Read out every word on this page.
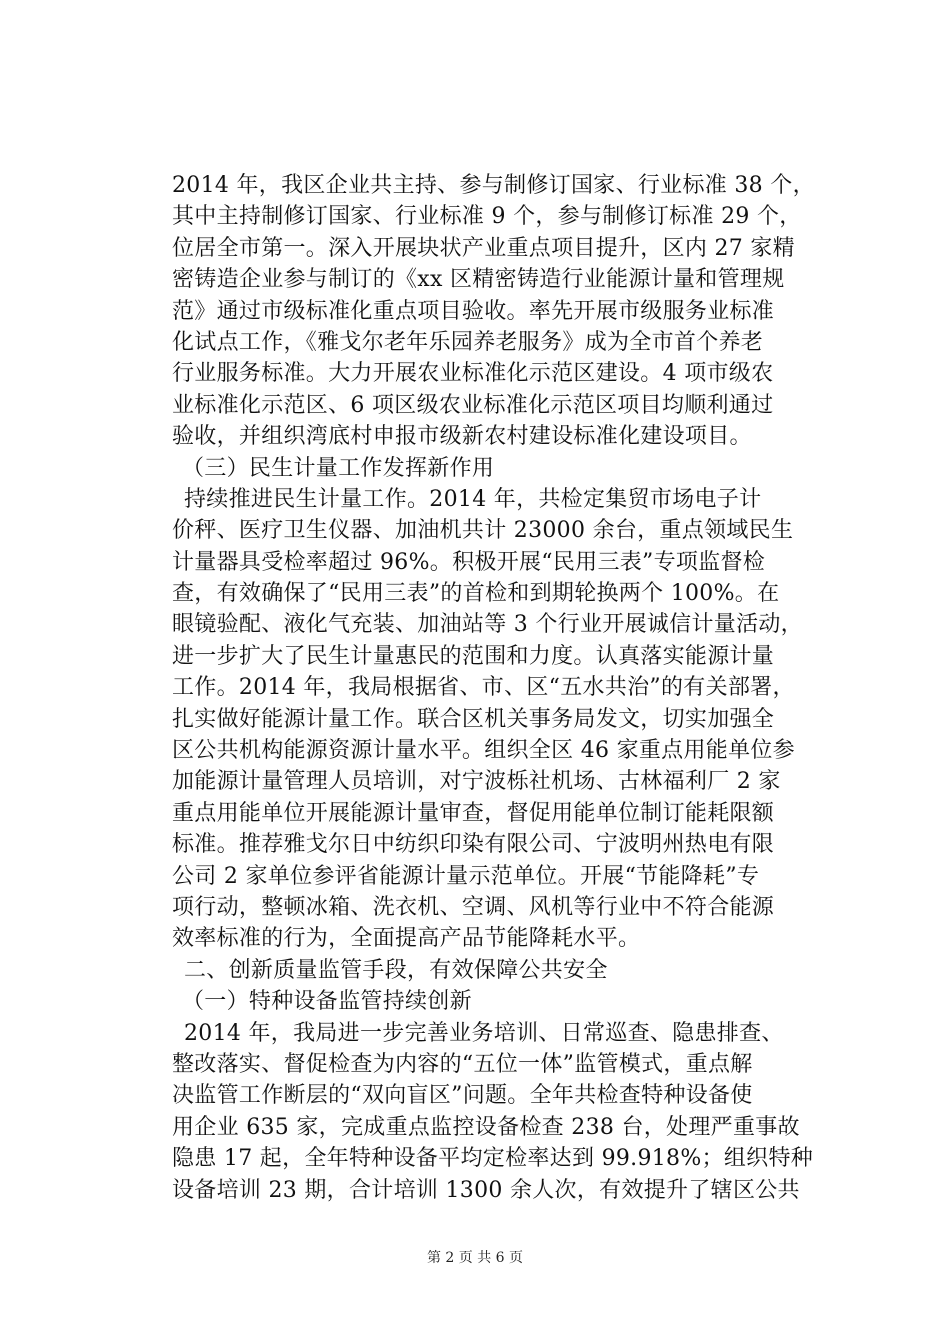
2014 年，我区企业共主持、参与制修订国家、行业标准 38 个，
其中主持制修订国家、行业标准 9 个，参与制修订标准 29 个，
位居全市第一。深入开展块状产业重点项目提升，区内 27 家精
密铸造企业参与制订的《xx 区精密铸造行业能源计量和管理规
范》通过市级标准化重点项目验收。率先开展市级服务业标准
化试点工作，《雅戈尔老年乐园养老服务》成为全市首个养老
行业服务标准。大力开展农业标准化示范区建设。4 项市级农
业标准化示范区、6 项区级农业标准化示范区项目均顺利通过
验收，并组织湾底村申报市级新农村建设标准化建设项目。
（三）民生计量工作发挥新作用
持续推进民生计量工作。2014 年，共检定集贸市场电子计
价秤、医疗卫生仪器、加油机共计 23000 余台，重点领域民生
计量器具受检率超过 96%。积极开展“民用三表”专项监督检
查，有效确保了“民用三表”的首检和到期轮换两个 100%。在
眼镜验配、液化气充装、加油站等 3 个行业开展诚信计量活动，
进一步扩大了民生计量惠民的范围和力度。认真落实能源计量
工作。2014 年，我局根据省、市、区“五水共治”的有关部署，
扎实做好能源计量工作。联合区机关事务局发文，切实加强全
区公共机构能源资源计量水平。组织全区 46 家重点用能单位参
加能源计量管理人员培训，对宁波栎社机场、古林福利厂 2 家
重点用能单位开展能源计量审查，督促用能单位制订能耗限额
标准。推荐雅戈尔日中纺织印染有限公司、宁波明州热电有限
公司 2 家单位参评省能源计量示范单位。开展“节能降耗”专
项行动，整顿冰箱、洗衣机、空调、风机等行业中不符合能源
效率标准的行为，全面提高产品节能降耗水平。
二、创新质量监管手段，有效保障公共安全
（一）特种设备监管持续创新
2014 年，我局进一步完善业务培训、日常巡查、隐患排查、
整改落实、督促检查为内容的“五位一体”监管模式，重点解
决监管工作断层的“双向盲区”问题。全年共检查特种设备使
用企业 635 家，完成重点监控设备检查 238 台，处理严重事故
隐患 17 起，全年特种设备平均定检率达到 99.918%；组织特种
设备培训 23 期，合计培训 1300 余人次，有效提升了辖区公共
第 2 页 共 6 页
